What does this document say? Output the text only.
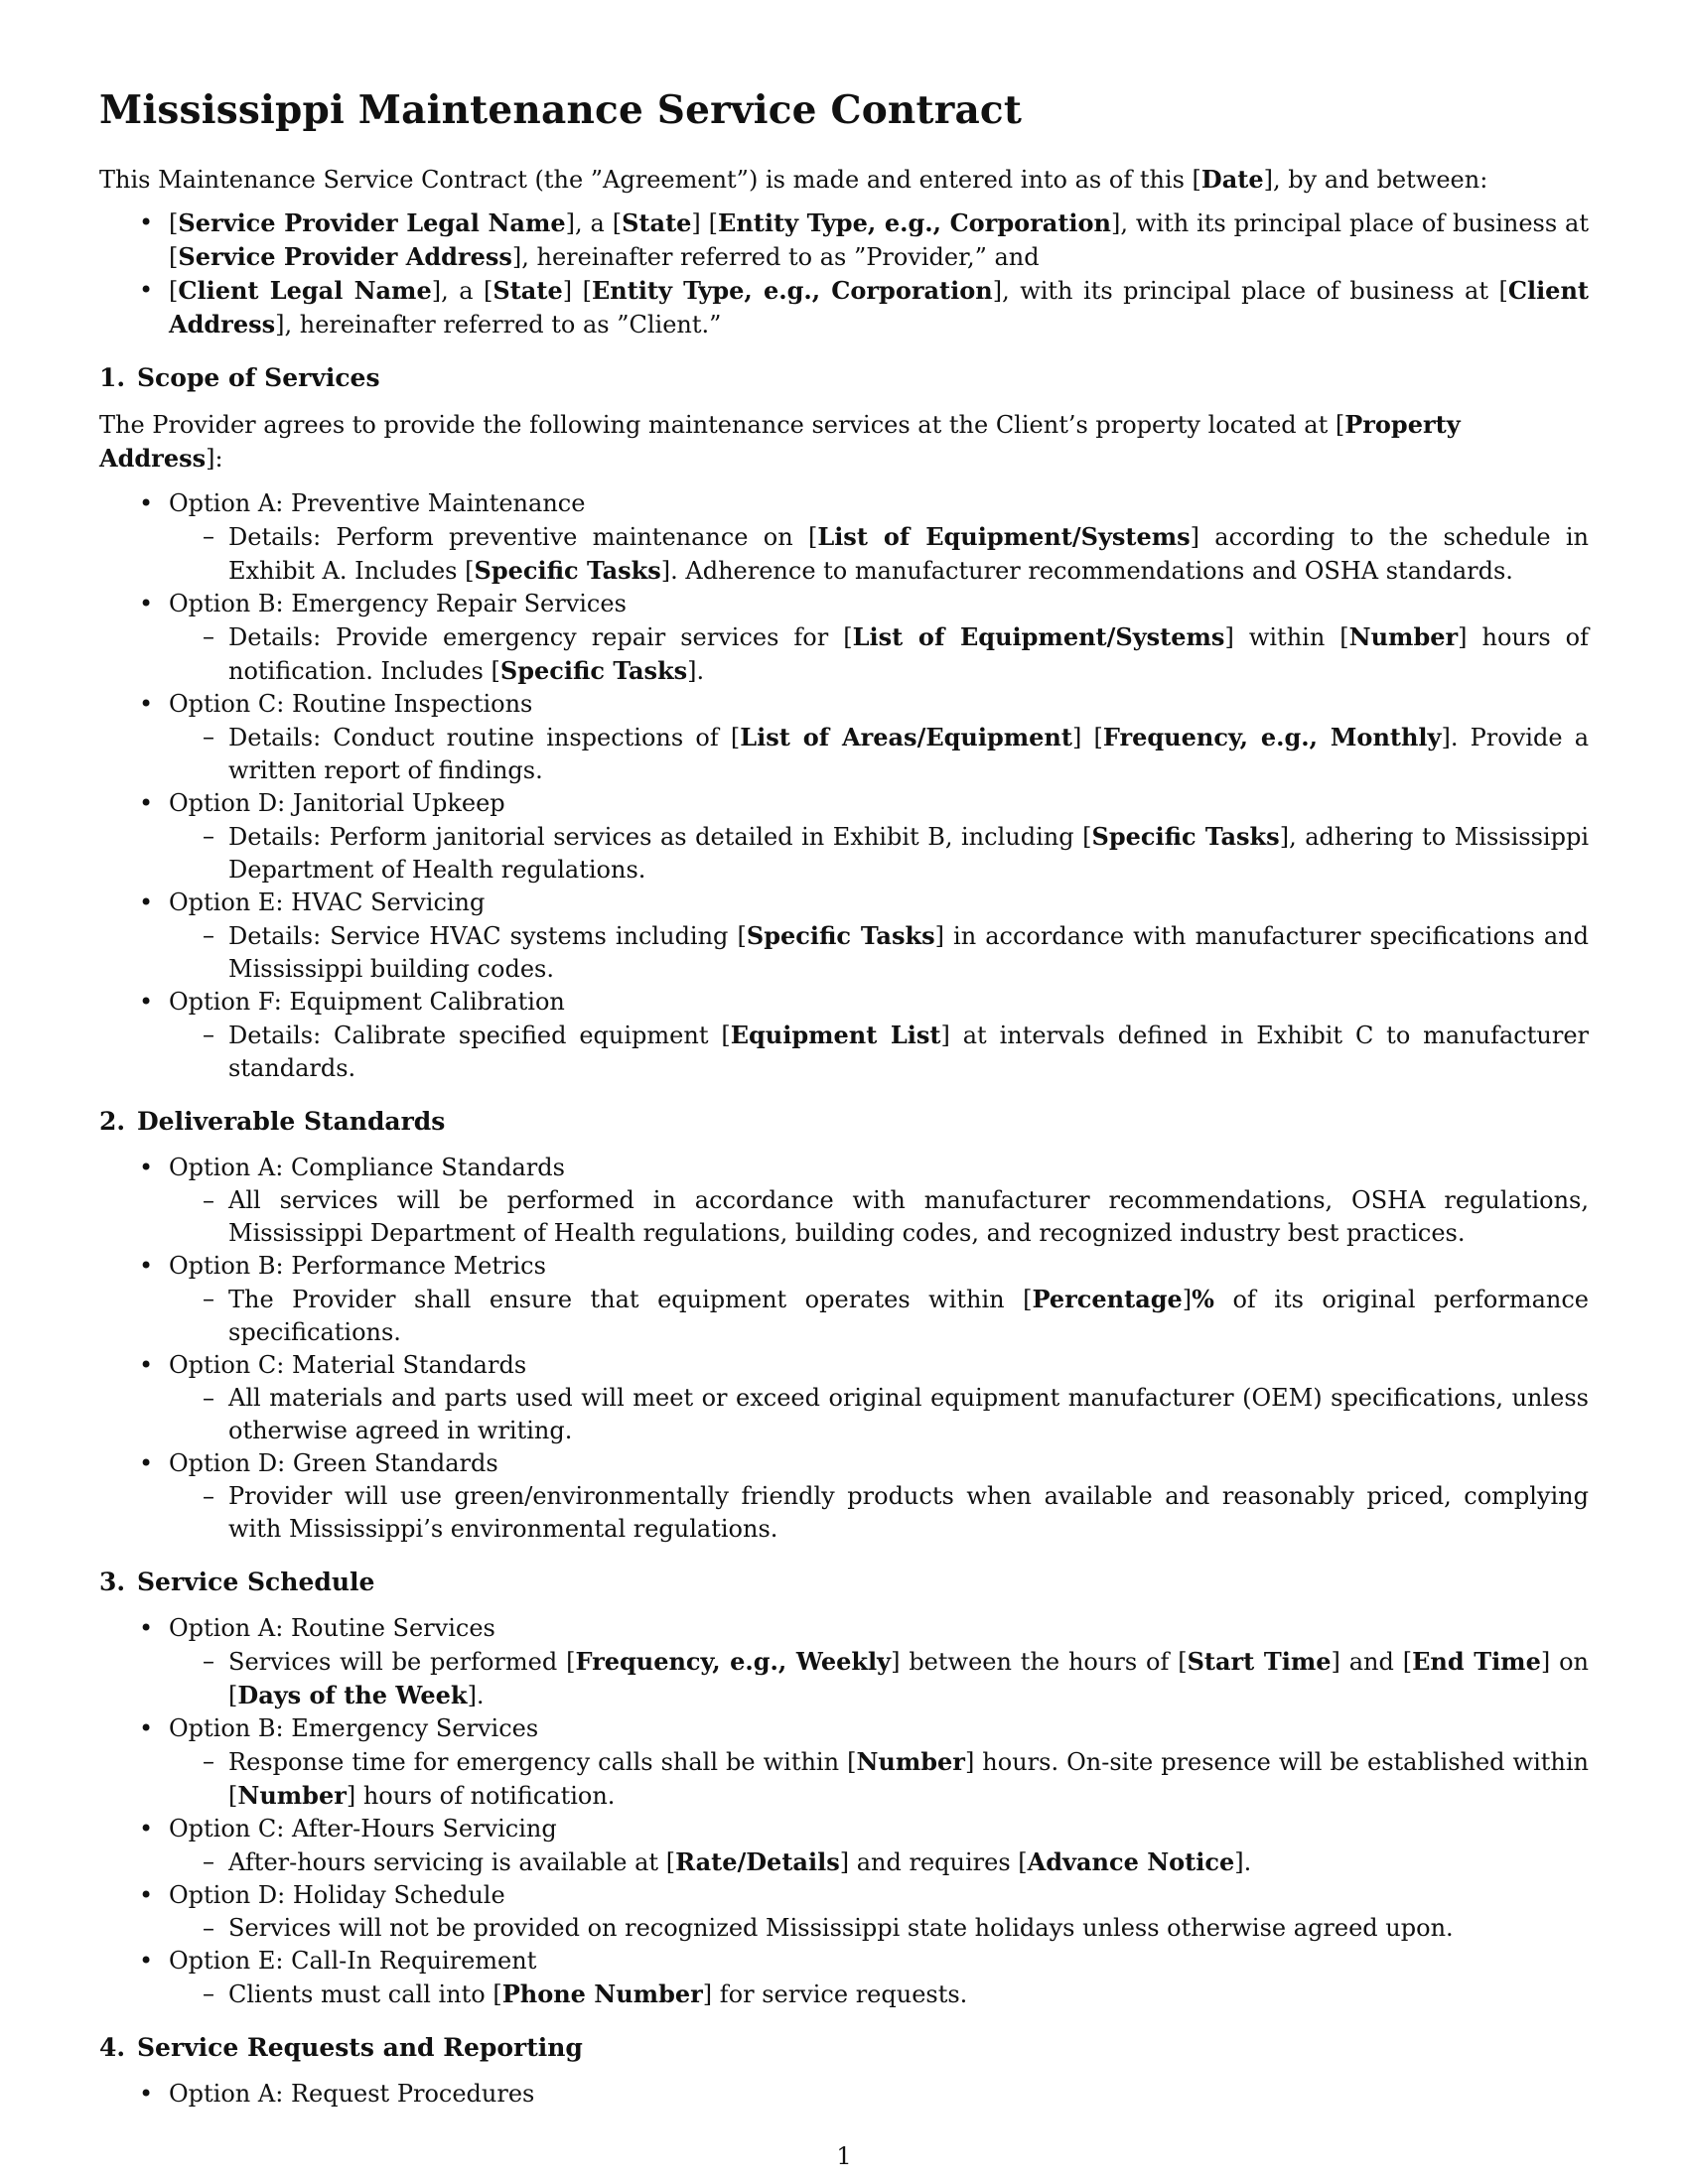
Mississippi Maintenance Service Contract

This Maintenance Service Contract (the ”Agreement”) is made and entered into as of this [Date], by and between:

• [Service Provider Legal Name], a [State] [Entity Type, e.g., Corporation], with its principal place of business at [Service Provider Address], hereinafter referred to as ”Provider,” and
• [Client Legal Name], a [State] [Entity Type, e.g., Corporation], with its principal place of business at [Client Address], hereinafter referred to as ”Client.”
1. Scope of Services

The Provider agrees to provide the following maintenance services at the Client’s property located at [Property Address]:

• Option A: Preventive Maintenance
– Details: Perform preventive maintenance on [List of Equipment/Systems] according to the schedule in Exhibit A. Includes [Specific Tasks]. Adherence to manufacturer recommendations and OSHA standards.
• Option B: Emergency Repair Services
– Details: Provide emergency repair services for [List of Equipment/Systems] within [Number] hours of notification. Includes [Specific Tasks].
• Option C: Routine Inspections
– Details: Conduct routine inspections of [List of Areas/Equipment] [Frequency, e.g., Monthly]. Provide a written report of findings.
• Option D: Janitorial Upkeep
– Details: Perform janitorial services as detailed in Exhibit B, including [Specific Tasks], adhering to Mississippi Department of Health regulations.
• Option E: HVAC Servicing
– Details: Service HVAC systems including [Specific Tasks] in accordance with manufacturer specifications and Mississippi building codes.
• Option F: Equipment Calibration
– Details: Calibrate specified equipment [Equipment List] at intervals defined in Exhibit C to manufacturer standards.
2. Deliverable Standards
• Option A: Compliance Standards
– All services will be performed in accordance with manufacturer recommendations, OSHA regulations, Mississippi Department of Health regulations, building codes, and recognized industry best practices.
• Option B: Performance Metrics
– The Provider shall ensure that equipment operates within [Percentage]% of its original performance specifications.
• Option C: Material Standards
– All materials and parts used will meet or exceed original equipment manufacturer (OEM) specifications, unless otherwise agreed in writing.
• Option D: Green Standards
– Provider will use green/environmentally friendly products when available and reasonably priced, complying with Mississippi’s environmental regulations.
3. Service Schedule
• Option A: Routine Services
– Services will be performed [Frequency, e.g., Weekly] between the hours of [Start Time] and [End Time] on [Days of the Week].
• Option B: Emergency Services
– Response time for emergency calls shall be within [Number] hours. On-site presence will be established within [Number] hours of notification.
• Option C: After-Hours Servicing
– After-hours servicing is available at [Rate/Details] and requires [Advance Notice].
• Option D: Holiday Schedule
– Services will not be provided on recognized Mississippi state holidays unless otherwise agreed upon.
• Option E: Call-In Requirement
– Clients must call into [Phone Number] for service requests.
4. Service Requests and Reporting
• Option A: Request Procedures
1
